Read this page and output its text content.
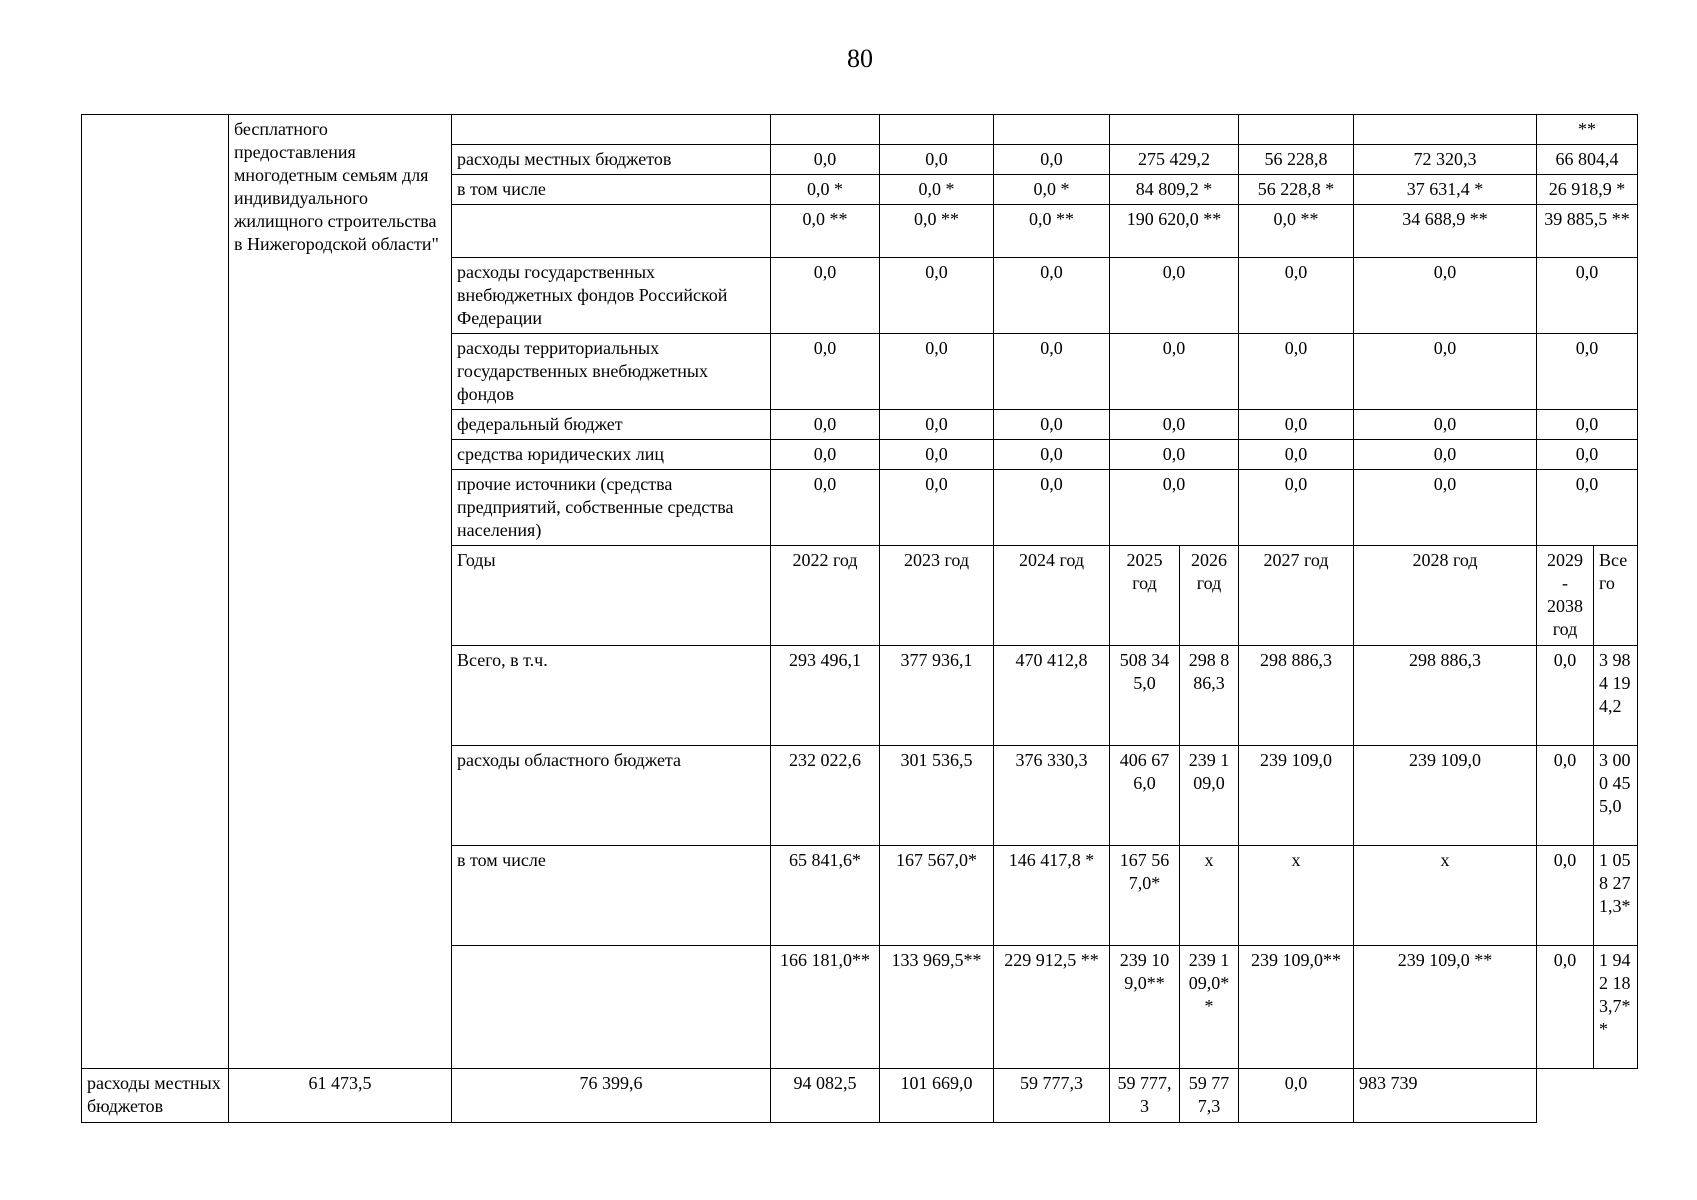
80
	бесплатного предоставления многодетным семьям для индивидуального жилищного строительства в Нижегородской области"									**	
		расходы местных бюджетов	0,0	0,0	0,0	275 429,2		56 228,8	72 320,3	66 804,4	
		в том числе	0,0 *	0,0 *	0,0 *	84 809,2 *		56 228,8 *	37 631,4 *	26 918,9 *	
			0,0 **	0,0 **	0,0 **	190 620,0 **		0,0 **	34 688,9 **	39 885,5 **	
		расходы государственных внебюджетных фондов Российской Федерации	0,0	0,0	0,0	0,0		0,0	0,0	0,0	
		расходы территориальных государственных внебюджетных фондов	0,0	0,0	0,0	0,0		0,0	0,0	0,0	
		федеральный бюджет	0,0	0,0	0,0	0,0		0,0	0,0	0,0	
		средства юридических лиц	0,0	0,0	0,0	0,0		0,0	0,0	0,0	
		прочие источники (средства предприятий, собственные средства населения)	0,0	0,0	0,0	0,0		0,0	0,0	0,0	
		Годы	2022 год	2023 год	2024 год	2025 год	2026 год	2027 год	2028 год	2029 - 2038 год	Всего
		Всего, в т.ч.	293 496,1	377 936,1	470 412,8	508 345,0	298 886,3	298 886,3	298 886,3	0,0	3 984 194,2
		расходы областного бюджета	232 022,6	301 536,5	376 330,3	406 676,0	239 109,0	239 109,0	239 109,0	0,0	3 000 455,0
		в том числе	65 841,6*	167 567,0*	146 417,8 *	167 567,0*	х	х	х	0,0	1 058 271,3*
			166 181,0**	133 969,5**	229 912,5 **	239 109,0**	239 109,0**	239 109,0**	239 109,0 **	0,0	1 942 183,7**
расходы местных бюджетов	61 473,5	76 399,6	94 082,5	101 669,0	59 777,3	59 777,3	59 777,3	0,0	983 739		
